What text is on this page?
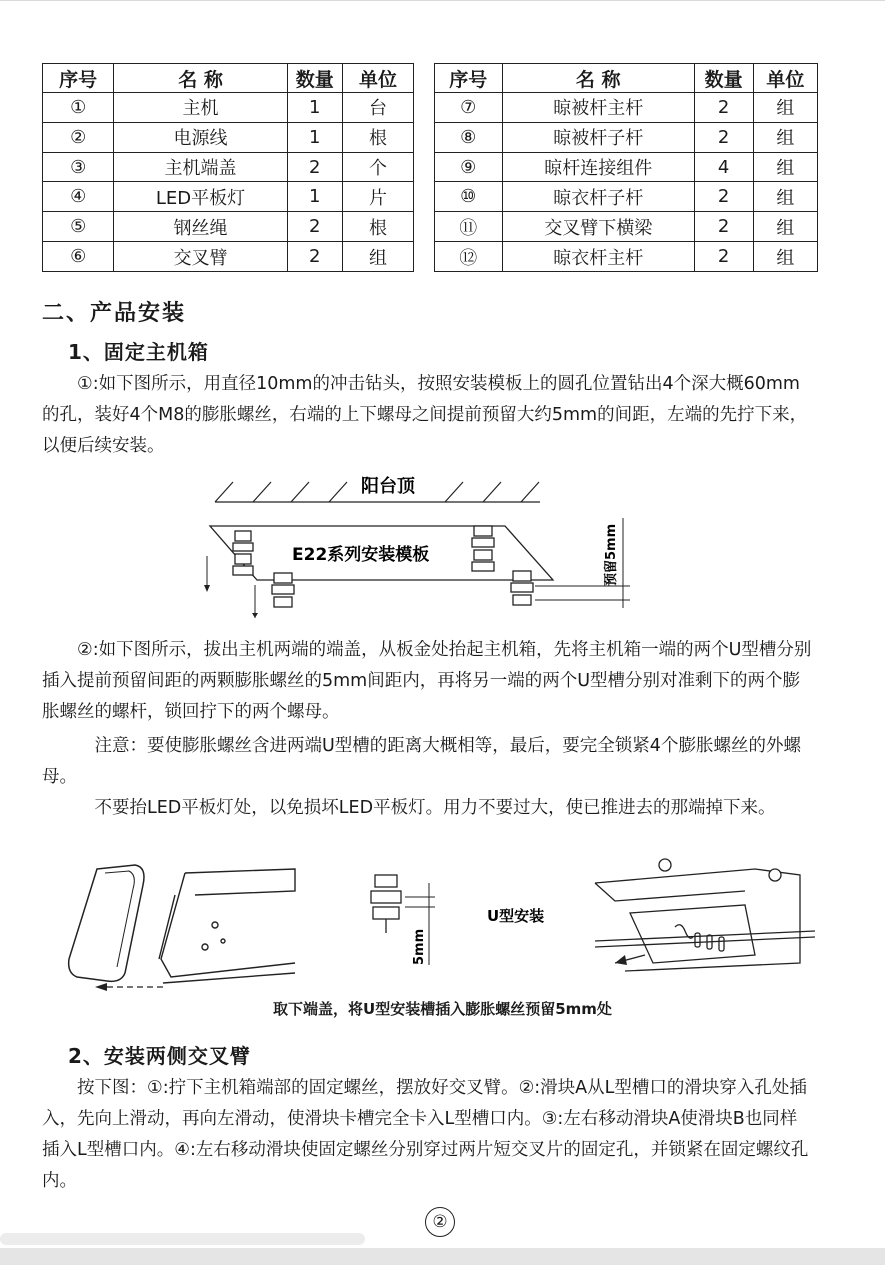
序号	名 称	数量	单位		序号	名 称	数量	单位
①	主机	1	台		⑦	晾被杆主杆	2	组
②	电源线	1	根		⑧	晾被杆子杆	2	组
③	主机端盖	2	个		⑨	晾杆连接组件	4	组
④	LED平板灯	1	片		⑩	晾衣杆子杆	2	组
⑤	钢丝绳	2	根		⑪	交叉臂下横梁	2	组
⑥	交叉臂	2	组		⑫	晾衣杆主杆	2	组
二、产品安装
1、固定主机箱

①:如下图所示，用直径10mm的冲击钻头，按照安装模板上的圆孔位置钻出4个深大概60mm的孔，装好4个M8的膨胀螺丝，右端的上下螺母之间提前预留大约5mm的间距，左端的先拧下来，以便后续安装。

阳台顶
E22系列安装模板	预留5mm

②:如下图所示，拔出主机两端的端盖，从板金处抬起主机箱，先将主机箱一端的两个U型槽分别插入提前预留间距的两颗膨胀螺丝的5mm间距内，再将另一端的两个U型槽分别对准剩下的两个膨胀螺丝的螺杆，锁回拧下的两个螺母。

注意：要使膨胀螺丝含进两端U型槽的距离大概相等，最后，要完全锁紧4个膨胀螺丝的外螺母。

不要抬LED平板灯处，以免损坏LED平板灯。用力不要过大，使已推进去的那端掉下来。

5mm
U型安装
取下端盖，将U型安装槽插入膨胀螺丝预留5mm处
2、安装两侧交叉臂

按下图：①:拧下主机箱端部的固定螺丝，摆放好交叉臂。②:滑块A从L型槽口的滑块穿入孔处插入，先向上滑动，再向左滑动，使滑块卡槽完全卡入L型槽口内。③:左右移动滑块A使滑块B也同样插入L型槽口内。④:左右移动滑块使固定螺丝分别穿过两片短交叉片的固定孔，并锁紧在固定螺纹孔内。

②
